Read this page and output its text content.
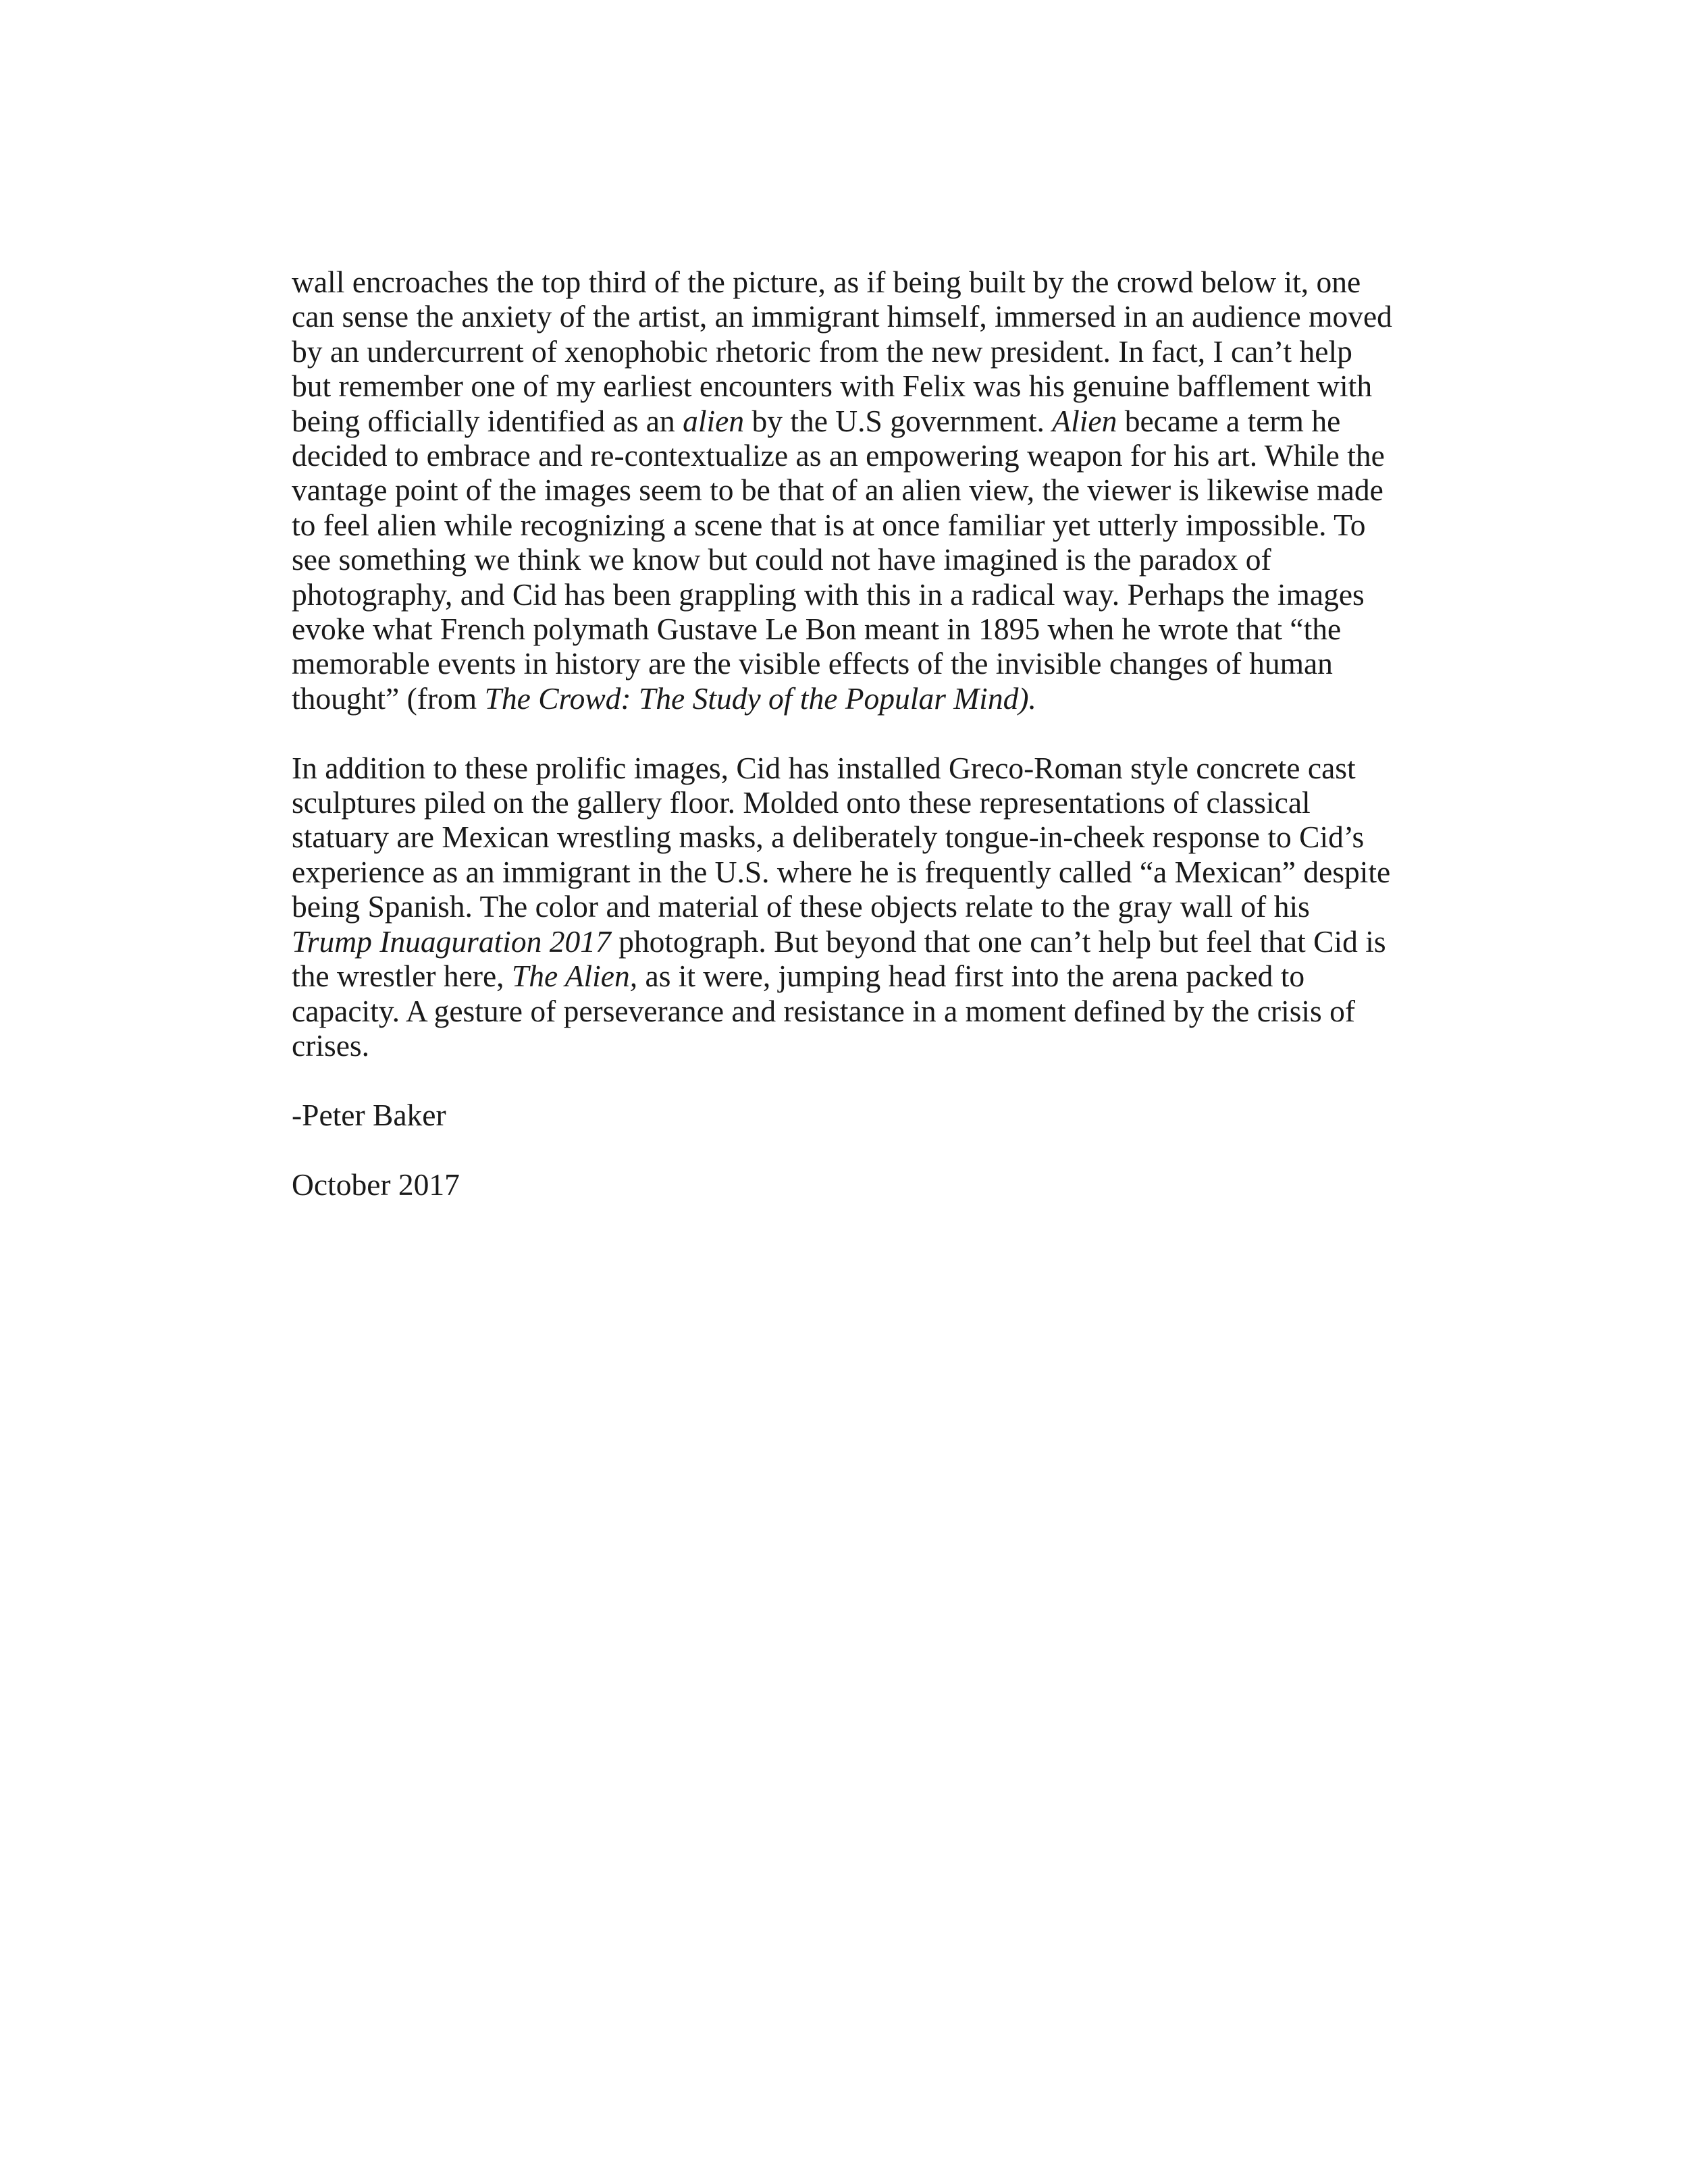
wall encroaches the top third of the picture, as if being built by the crowd below it, one
can sense the anxiety of the artist, an immigrant himself, immersed in an audience moved
by an undercurrent of xenophobic rhetoric from the new president. In fact, I can’t help
but remember one of my earliest encounters with Felix was his genuine bafflement with
being officially identified as an alien by the U.S government. Alien became a term he
decided to embrace and re-contextualize as an empowering weapon for his art. While the
vantage point of the images seem to be that of an alien view, the viewer is likewise made
to feel alien while recognizing a scene that is at once familiar yet utterly impossible. To
see something we think we know but could not have imagined is the paradox of
photography, and Cid has been grappling with this in a radical way. Perhaps the images
evoke what French polymath Gustave Le Bon meant in 1895 when he wrote that “the
memorable events in history are the visible effects of the invisible changes of human
thought” (from The Crowd: The Study of the Popular Mind).
In addition to these prolific images, Cid has installed Greco-Roman style concrete cast
sculptures piled on the gallery floor. Molded onto these representations of classical
statuary are Mexican wrestling masks, a deliberately tongue-in-cheek response to Cid’s
experience as an immigrant in the U.S. where he is frequently called “a Mexican” despite
being Spanish. The color and material of these objects relate to the gray wall of his
Trump Inuaguration 2017 photograph. But beyond that one can’t help but feel that Cid is
the wrestler here, The Alien, as it were, jumping head first into the arena packed to
capacity. A gesture of perseverance and resistance in a moment defined by the crisis of
crises.
-Peter Baker
October 2017
